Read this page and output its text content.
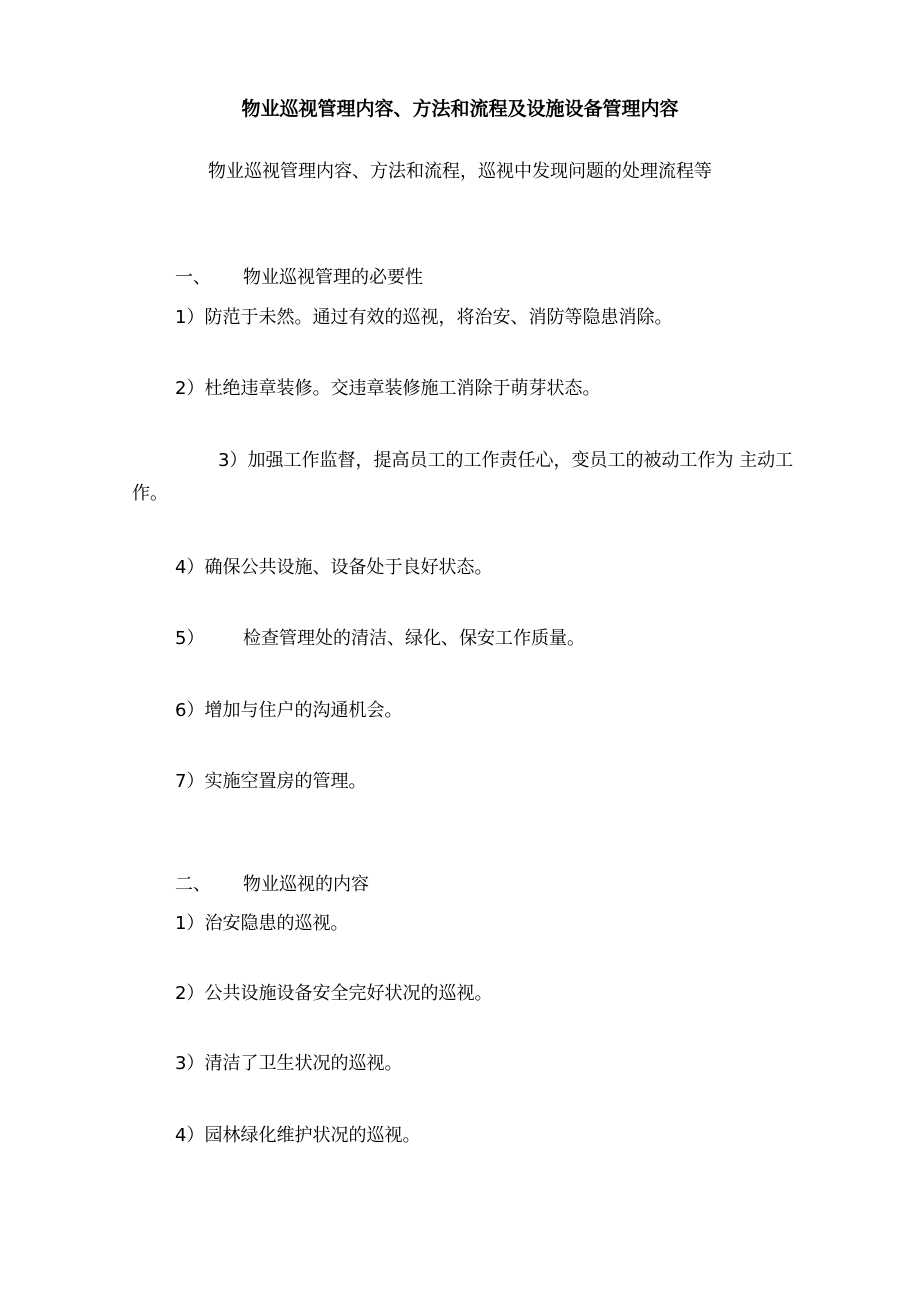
物业巡视管理内容、方法和流程及设施设备管理内容

物业巡视管理内容、方法和流程，巡视中发现问题的处理流程等

一、 物业巡视管理的必要性

1）防范于未然。通过有效的巡视，将治安、消防等隐患消除。

2）杜绝违章装修。交违章装修施工消除于萌芽状态。

3）加强工作监督，提高员工的工作责任心，变员工的被动工作为 主动工作。

4）确保公共设施、设备处于良好状态。

5） 检查管理处的清洁、绿化、保安工作质量。

6）增加与住户的沟通机会。

7）实施空置房的管理。

二、 物业巡视的内容

1）治安隐患的巡视。

2）公共设施设备安全完好状况的巡视。

3）清洁了卫生状况的巡视。

4）园林绿化维护状况的巡视。
